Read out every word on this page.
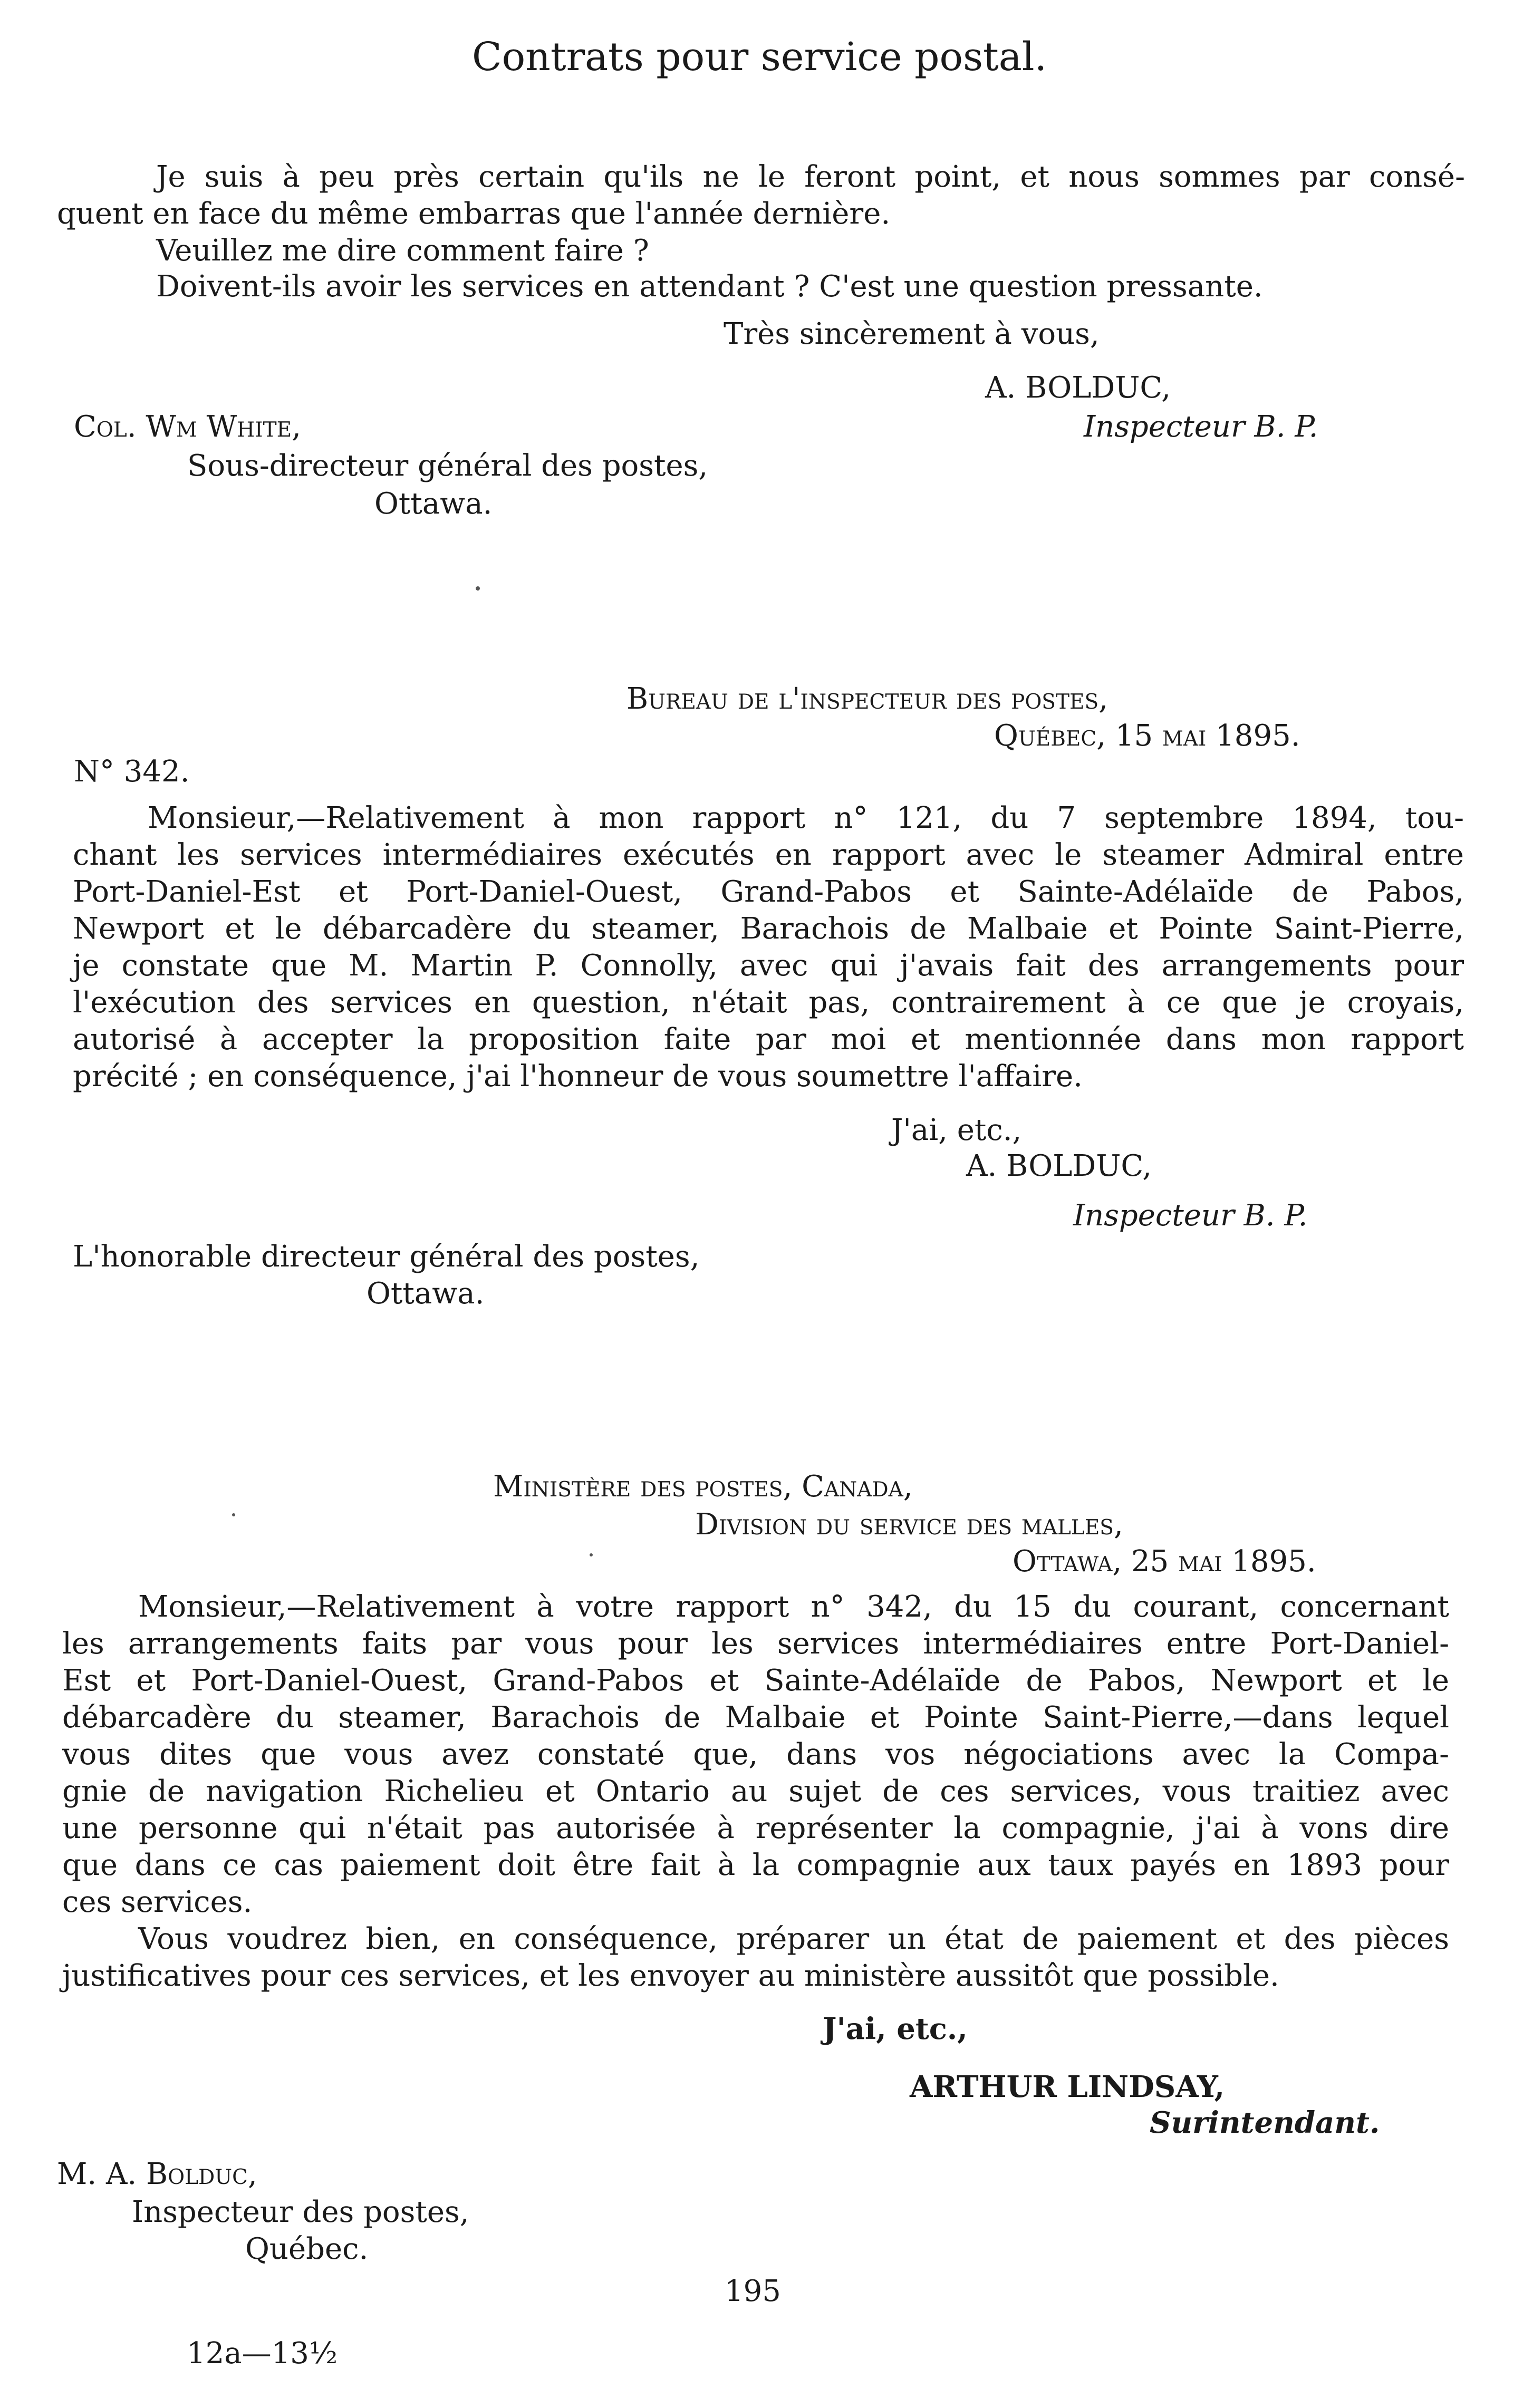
Contrats pour service postal.
Je suis à peu près certain qu'ils ne le feront point, et nous sommes par consé-
quent en face du même embarras que l'année dernière.
Veuillez me dire comment faire ?
Doivent-ils avoir les services en attendant ? C'est une question pressante.
Très sincèrement à vous,
A. BOLDUC,
Col. Wm White,	Inspecteur B. P.
Sous-directeur général des postes,
Ottawa.
Bureau de l'inspecteur des postes,
Québec, 15 mai 1895.
N° 342.
Monsieur,—Relativement à mon rapport n° 121, du 7 septembre 1894, tou-
chant les services intermédiaires exécutés en rapport avec le steamer Admiral entre
Port-Daniel-Est et Port-Daniel-Ouest, Grand-Pabos et Sainte-Adélaïde de Pabos,
Newport et le débarcadère du steamer, Barachois de Malbaie et Pointe Saint-Pierre,
je constate que M. Martin P. Connolly, avec qui j'avais fait des arrangements pour
l'exécution des services en question, n'était pas, contrairement à ce que je croyais,
autorisé à accepter la proposition faite par moi et mentionnée dans mon rapport
précité ; en conséquence, j'ai l'honneur de vous soumettre l'affaire.
J'ai, etc.,
A. BOLDUC,
Inspecteur B. P.
L'honorable directeur général des postes,
Ottawa.
Ministère des postes, Canada,
Division du service des malles,
Ottawa, 25 mai 1895.
Monsieur,—Relativement à votre rapport n° 342, du 15 du courant, concernant
les arrangements faits par vous pour les services intermédiaires entre Port-Daniel-
Est et Port-Daniel-Ouest, Grand-Pabos et Sainte-Adélaïde de Pabos, Newport et le
débarcadère du steamer, Barachois de Malbaie et Pointe Saint-Pierre,—dans lequel
vous dites que vous avez constaté que, dans vos négociations avec la Compa-
gnie de navigation Richelieu et Ontario au sujet de ces services, vous traitiez avec
une personne qui n'était pas autorisée à représenter la compagnie, j'ai à vons dire
que dans ce cas paiement doit être fait à la compagnie aux taux payés en 1893 pour
ces services.
Vous voudrez bien, en conséquence, préparer un état de paiement et des pièces
justificatives pour ces services, et les envoyer au ministère aussitôt que possible.
J'ai, etc.,
ARTHUR LINDSAY,
Surintendant.
M. A. Bolduc,
Inspecteur des postes,
Québec.
195
12a—13½
